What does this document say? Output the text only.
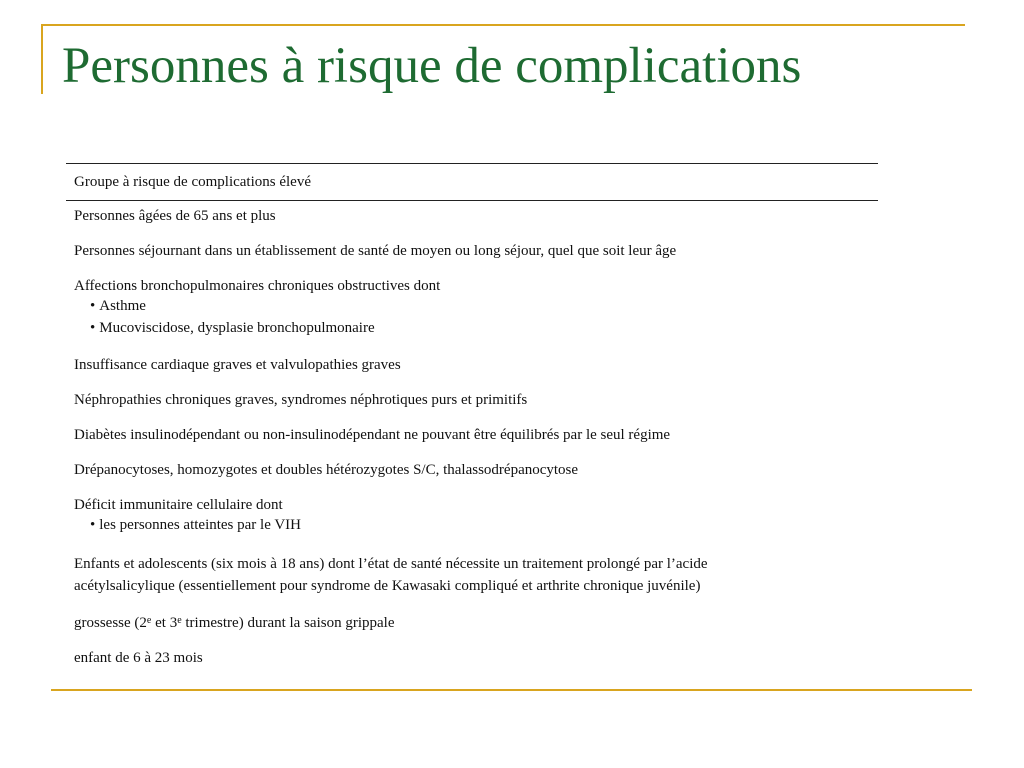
Personnes à risque de complications
Groupe à risque de complications élevé
Personnes âgées de 65 ans et plus
Personnes séjournant dans un établissement de santé de moyen ou long séjour, quel que soit leur âge
Affections bronchopulmonaires chroniques obstructives dont
• Asthme
• Mucoviscidose, dysplasie bronchopulmonaire
Insuffisance cardiaque graves et valvulopathies graves
Néphropathies chroniques graves, syndromes néphrotiques purs et primitifs
Diabètes insulinodépendant ou non-insulinodépendant ne pouvant être équilibrés par le seul régime
Drépanocytoses, homozygotes et doubles hétérozygotes S/C, thalassodrépanocytose
Déficit immunitaire cellulaire dont
• les personnes atteintes par le VIH
Enfants et adolescents (six mois à 18 ans) dont l’état de santé nécessite un traitement prolongé par l’acide
acétylsalicylique (essentiellement pour syndrome de Kawasaki compliqué et arthrite chronique juvénile)
grossesse (2e et 3e trimestre) durant la saison grippale
enfant de 6 à 23 mois
